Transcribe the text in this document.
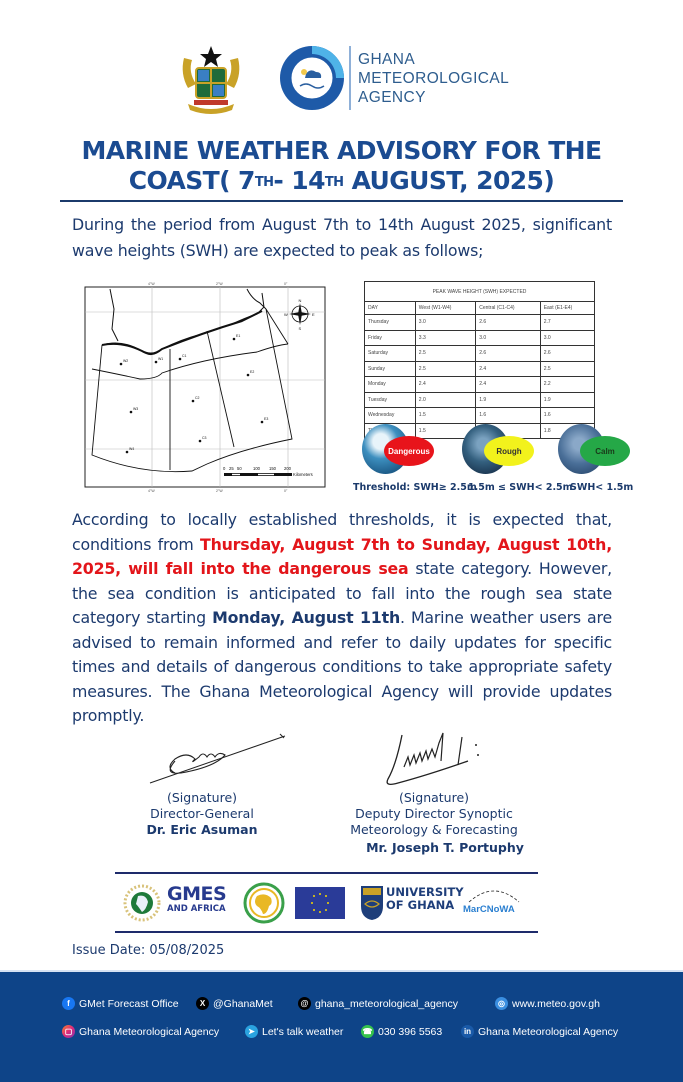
GHANA
METEOROLOGICAL
AGENCY
MARINE WEATHER ADVISORY FOR THE
COAST( 7TH- 14TH AUGUST, 2025)
During the period from August 7th to 14th August 2025, significant wave heights (SWH) are expected to peak as follows;
4°W	2°W	0°
4°W	2°W	0°
W2	W1
W3
W4
C1
C2
C3
E1
E2
E3
N
S
E
W
0 25 50	100 150 200
Kilometers
PEAK WAVE HEIGHT (SWH) EXPECTED			
DAY	West (W1-W4)	Central (C1-C4)	East (E1-E4)
Thursday	3.0	2.6	2.7
Friday	3.3	3.0	3.0
Saturday	2.5	2.6	2.6
Sunday	2.5	2.4	2.5
Monday	2.4	2.4	2.2
Tuesday	2.0	1.9	1.9
Wednesday	1.5	1.6	1.6
	1.5		1.8
Dangerous
Threshold: SWH≥ 2.5m
Rough
1.5m ≤ SWH< 2.5m
Calm
SWH< 1.5m
According to locally established thresholds, it is expected that, conditions from Thursday, August 7th to Sunday, August 10th, 2025, will fall into the dangerous sea state category. However, the sea condition is anticipated to fall into the rough sea state category starting Monday, August 11th. Marine weather users are advised to remain informed and refer to daily updates for specific times and details of dangerous conditions to take appropriate safety measures. The Ghana Meteorological Agency will provide updates promptly.
(Signature)
Director-General
Dr. Eric Asuman
(Signature)
Deputy Director Synoptic
Meteorology & Forecasting
Mr. Joseph T. Portuphy
GMES
AND AFRICA
UNIVERSITY
OF GHANA MarCNoWA
Issue Date: 05/08/2025
f GMet Forecast Office	X @GhanaMet	@ ghana_meteorological_agency	◎ www.meteo.gov.gh
▢ Ghana Meteorological Agency	➤ Let's talk weather ☎ 030 396 5563	in Ghana Meteorological Agency
